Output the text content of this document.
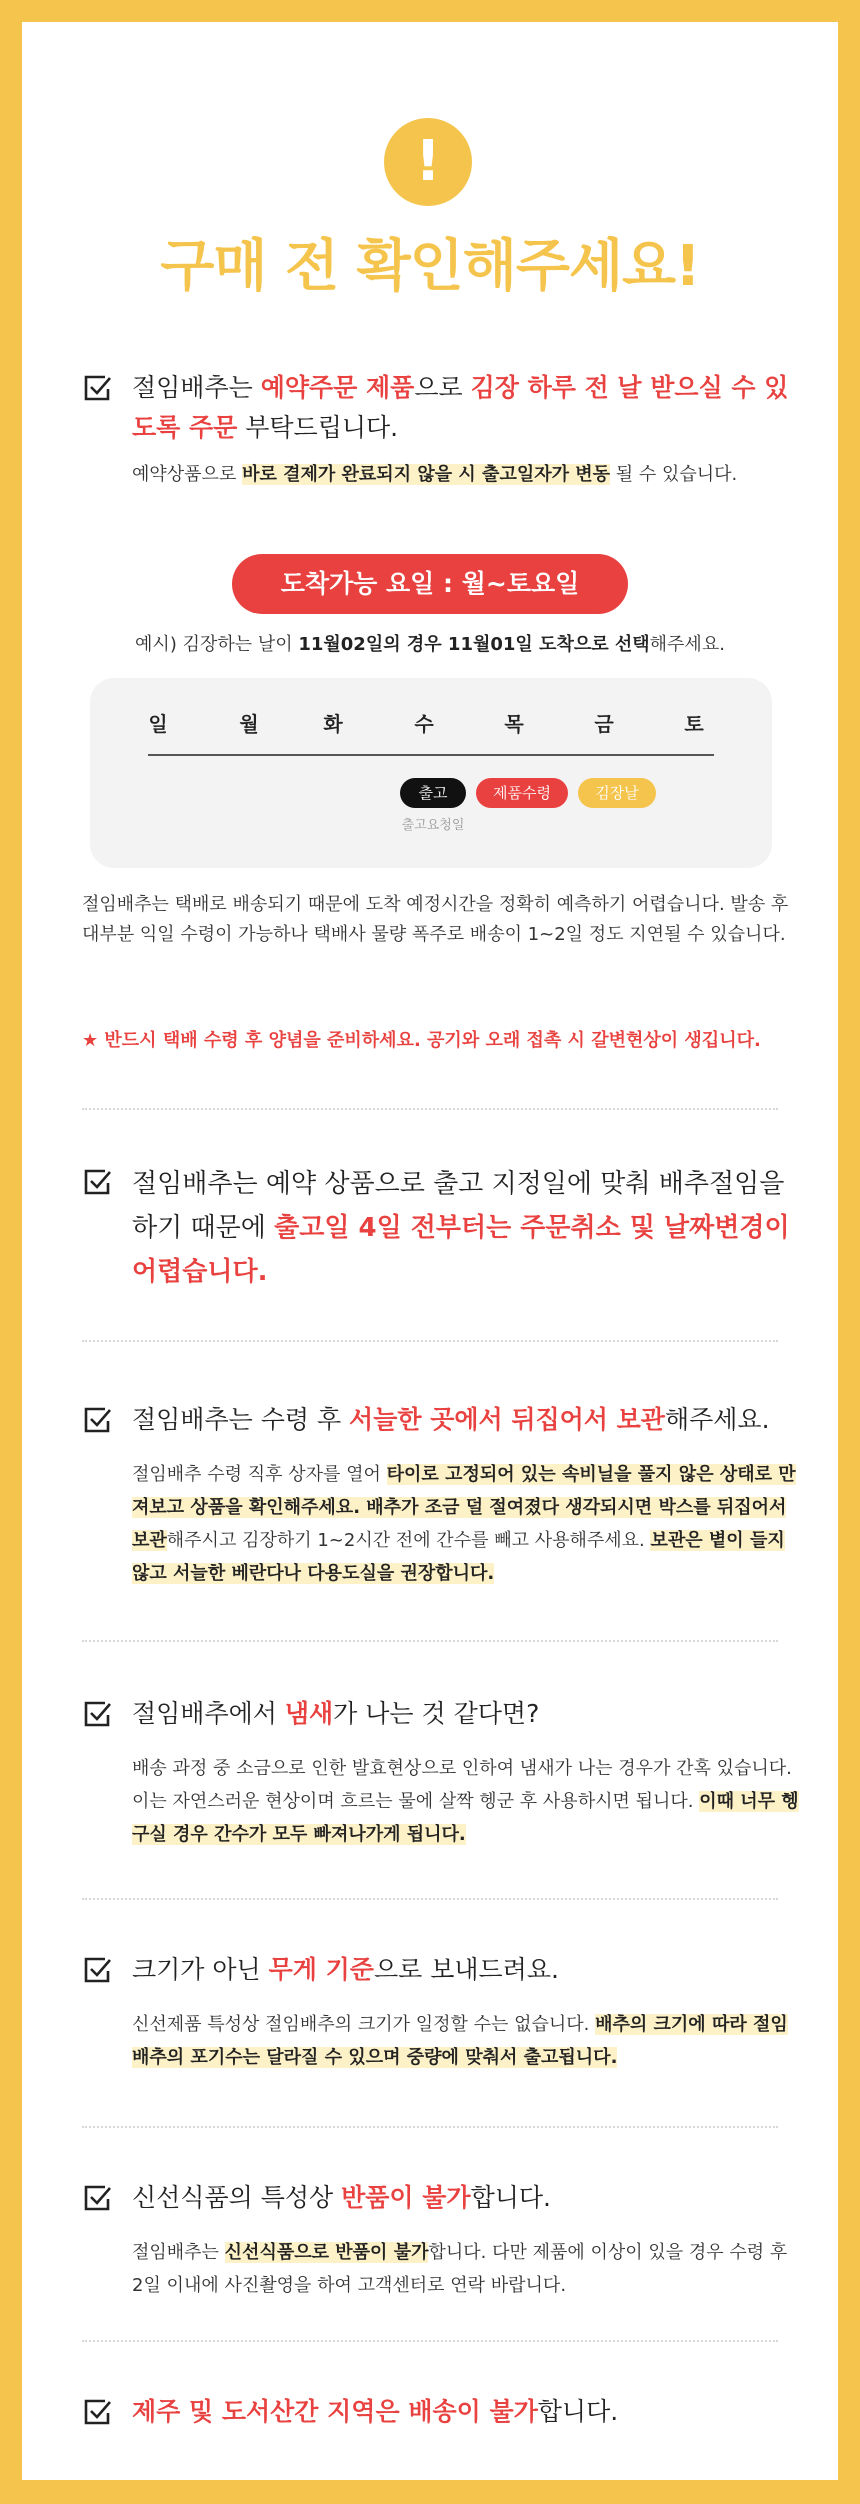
!
구매 전 확인해주세요!
절임배추는 예약주문 제품으로 김장 하루 전 날 받으실 수 있도록 주문 부탁드립니다.
예약상품으로 바로 결제가 완료되지 않을 시 출고일자가 변동 될 수 있습니다.
도착가능 요일 : 월~토요일
예시) 김장하는 날이 11월02일의 경우 11월01일 도착으로 선택해주세요.
일	월	화	수	목	금	토
출고	제품수령	김장날
출고요청일
절임배추는 택배로 배송되기 때문에 도착 예정시간을 정확히 예측하기 어렵습니다. 발송 후 대부분 익일 수령이 가능하나 택배사 물량 폭주로 배송이 1~2일 정도 지연될 수 있습니다.
★ 반드시 택배 수령 후 양념을 준비하세요. 공기와 오래 접촉 시 갈변현상이 생깁니다.
절임배추는 예약 상품으로 출고 지정일에 맞춰 배추절임을 하기 때문에 출고일 4일 전부터는 주문취소 및 날짜변경이 어렵습니다.
절임배추는 수령 후 서늘한 곳에서 뒤집어서 보관해주세요.
절임배추 수령 직후 상자를 열어 타이로 고정되어 있는 속비닐을 풀지 않은 상태로 만져보고 상품을 확인해주세요. 배추가 조금 덜 절여졌다 생각되시면 박스를 뒤집어서 보관해주시고 김장하기 1~2시간 전에 간수를 빼고 사용해주세요. 보관은 볕이 들지 않고 서늘한 베란다나 다용도실을 권장합니다.
절임배추에서 냄새가 나는 것 같다면?
배송 과정 중 소금으로 인한 발효현상으로 인하여 냄새가 나는 경우가 간혹 있습니다. 이는 자연스러운 현상이며 흐르는 물에 살짝 헹군 후 사용하시면 됩니다. 이때 너무 헹구실 경우 간수가 모두 빠져나가게 됩니다.
크기가 아닌 무게 기준으로 보내드려요.
신선제품 특성상 절임배추의 크기가 일정할 수는 없습니다. 배추의 크기에 따라 절임배추의 포기수는 달라질 수 있으며 중량에 맞춰서 출고됩니다.
신선식품의 특성상 반품이 불가합니다.
절임배추는 신선식품으로 반품이 불가합니다. 다만 제품에 이상이 있을 경우 수령 후 2일 이내에 사진촬영을 하여 고객센터로 연락 바랍니다.
제주 및 도서산간 지역은 배송이 불가합니다.
